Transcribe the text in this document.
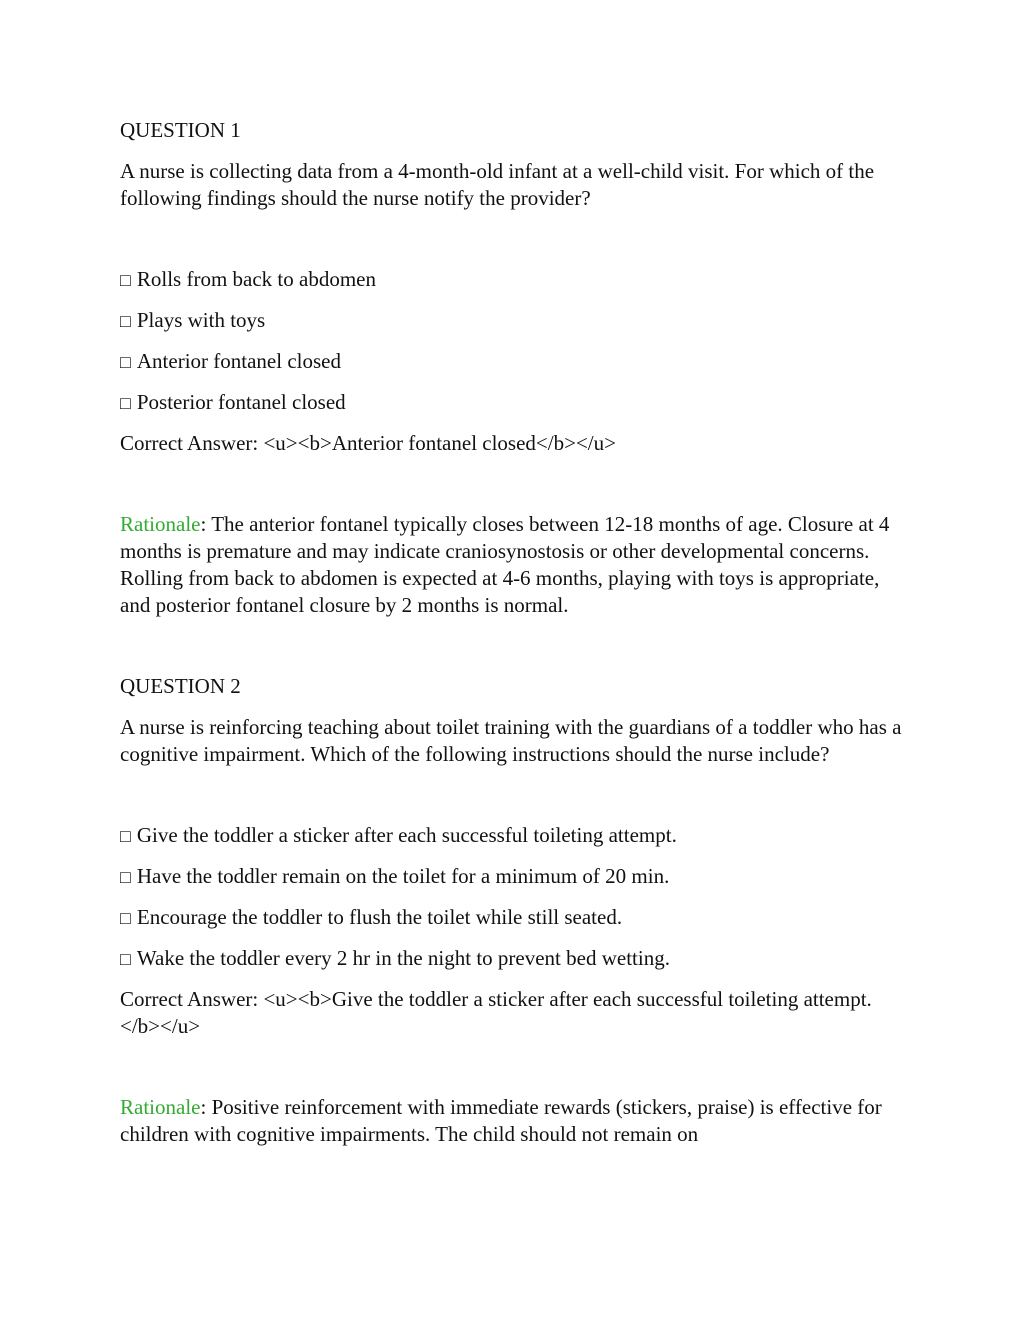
QUESTION 1

A nurse is collecting data from a 4-month-old infant at a well-child visit. For which of the following findings should the nurse notify the provider?

□ Rolls from back to abdomen

□ Plays with toys

□ Anterior fontanel closed

□ Posterior fontanel closed

Correct Answer: <u><b>Anterior fontanel closed</b></u>

Rationale: The anterior fontanel typically closes between 12-18 months of age. Closure at 4 months is premature and may indicate craniosynostosis or other developmental concerns. Rolling from back to abdomen is expected at 4-6 months, playing with toys is appropriate, and posterior fontanel closure by 2 months is normal.

QUESTION 2

A nurse is reinforcing teaching about toilet training with the guardians of a toddler who has a cognitive impairment. Which of the following instructions should the nurse include?

□ Give the toddler a sticker after each successful toileting attempt.

□ Have the toddler remain on the toilet for a minimum of 20 min.

□ Encourage the toddler to flush the toilet while still seated.

□ Wake the toddler every 2 hr in the night to prevent bed wetting.

Correct Answer: <u><b>Give the toddler a sticker after each successful toileting attempt.</b></u>

Rationale: Positive reinforcement with immediate rewards (stickers, praise) is effective for children with cognitive impairments. The child should not remain on
